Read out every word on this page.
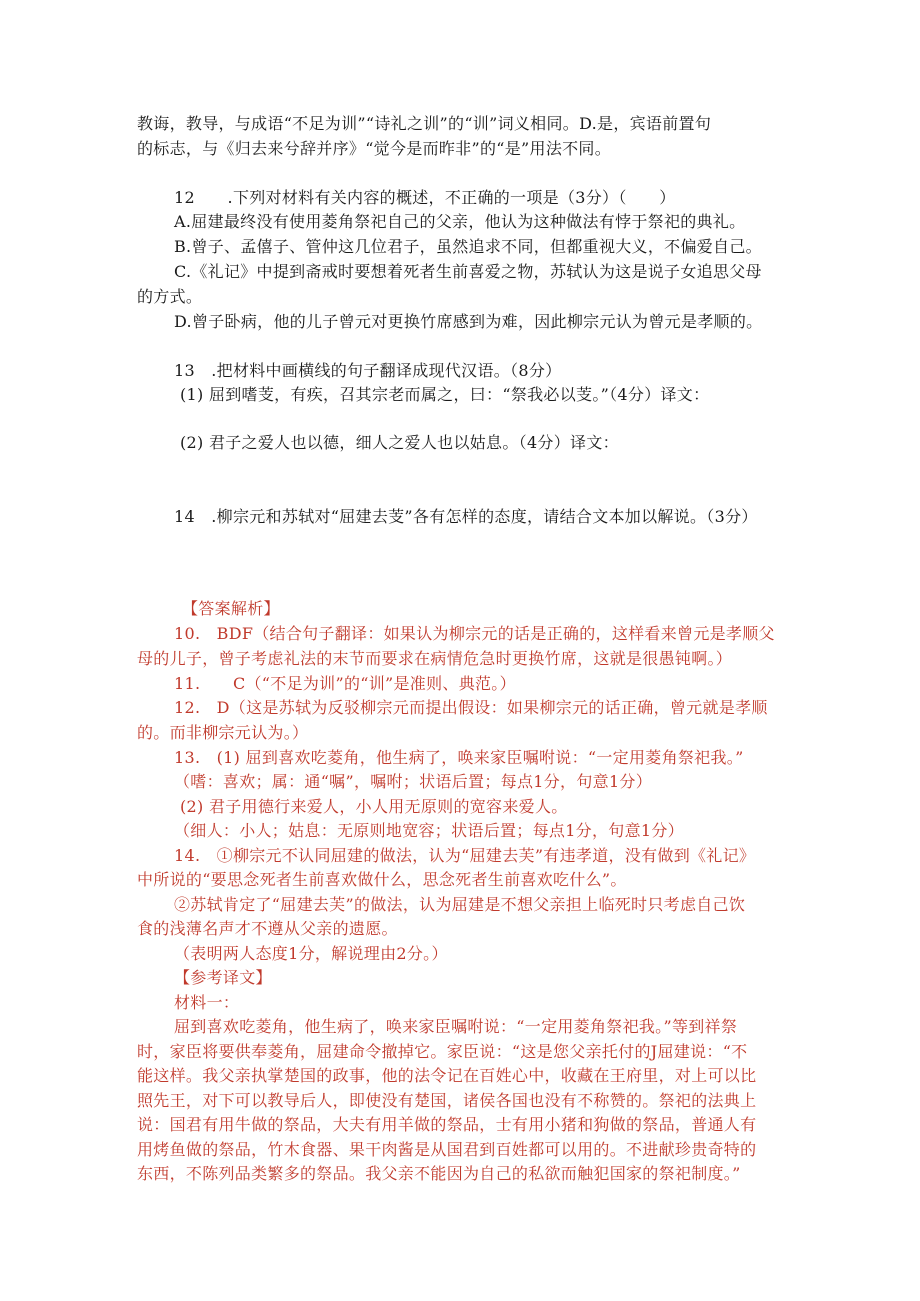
教诲，教导，与成语“不足为训”“诗礼之训”的“训”词义相同。D.是，宾语前置句
的标志，与《归去来兮辞并序》“觉今是而昨非”的“是”用法不同。
12　　.下列对材料有关内容的概述，不正确的一项是（3分）（　　）
A.屈建最终没有使用菱角祭祀自己的父亲，他认为这种做法有悖于祭祀的典礼。
B.曾子、孟僖子、管仲这几位君子，虽然追求不同，但都重视大义，不偏爱自己。
C.《礼记》中提到斋戒时要想着死者生前喜爱之物，苏轼认为这是说子女追思父母
的方式。
D.曾子卧病，他的儿子曾元对更换竹席感到为难，因此柳宗元认为曾元是孝顺的。
13　.把材料中画横线的句子翻译成现代汉语。（8分）
(1) 屈到嗜芰，有疾，召其宗老而属之，曰：“祭我必以芰。”（4分）译文：
(2) 君子之爱人也以德，细人之爱人也以姑息。（4分）译文：
14　.柳宗元和苏轼对“屈建去芰”各有怎样的态度，请结合文本加以解说。（3分）
【答案解析】
10.　BDF（结合句子翻译：如果认为柳宗元的话是正确的，这样看来曾元是孝顺父
母的儿子，曾子考虑礼法的末节而要求在病情危急时更换竹席，这就是很愚钝啊。）
11.　　C（“不足为训”的“训”是准则、典范。）
12.　D（这是苏轼为反驳柳宗元而提出假设：如果柳宗元的话正确，曾元就是孝顺
的。而非柳宗元认为。）
13.　(1) 屈到喜欢吃菱角，他生病了，唤来家臣嘱咐说：“一定用菱角祭祀我。”
（嗜：喜欢；属：通“嘱”，嘱咐；状语后置；每点1分，句意1分）
(2) 君子用德行来爱人，小人用无原则的宽容来爱人。
（细人：小人；姑息：无原则地宽容；状语后置；每点1分，句意1分）
14.　①柳宗元不认同屈建的做法，认为“屈建去芙”有违孝道，没有做到《礼记》
中所说的“要思念死者生前喜欢做什么，思念死者生前喜欢吃什么”。
②苏轼肯定了“屈建去芙”的做法，认为屈建是不想父亲担上临死时只考虑自己饮
食的浅薄名声才不遵从父亲的遗愿。
（表明两人态度1分，解说理由2分。）
【参考译文】
材料一：
屈到喜欢吃菱角，他生病了，唤来家臣嘱咐说：“一定用菱角祭祀我。”等到祥祭
时，家臣将要供奉菱角，屈建命令撤掉它。家臣说：“这是您父亲托付的J屈建说：“不
能这样。我父亲执掌楚国的政事，他的法令记在百姓心中，收藏在王府里，对上可以比
照先王，对下可以教导后人，即使没有楚国，诸侯各国也没有不称赞的。祭祀的法典上
说：国君有用牛做的祭品，大夫有用羊做的祭品，士有用小猪和狗做的祭品，普通人有
用烤鱼做的祭品，竹木食器、果干肉酱是从国君到百姓都可以用的。不进献珍贵奇特的
东西，不陈列品类繁多的祭品。我父亲不能因为自己的私欲而触犯国家的祭祀制度。”
